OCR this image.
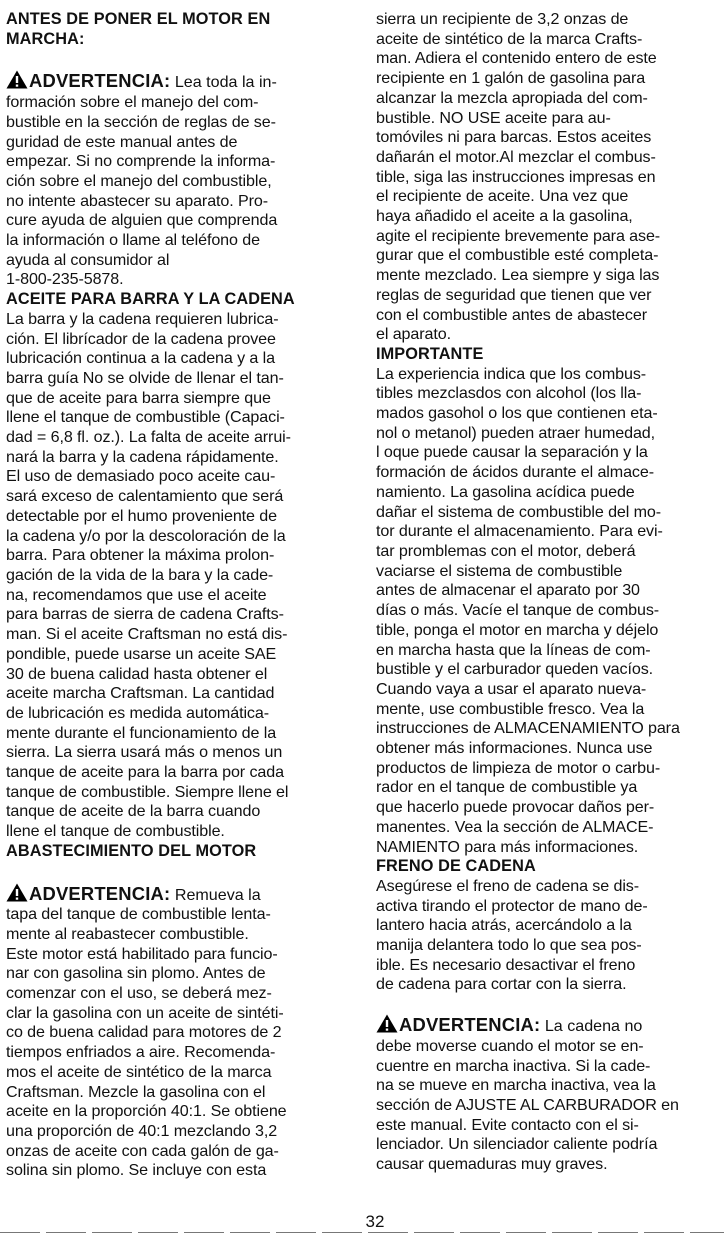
ANTES DE PONER EL MOTOR EN
MARCHA:

ADVERTENCIA: Lea toda la in-

formación sobre el manejo del com-
bustible en la sección de reglas de se-
guridad de este manual antes de
empezar. Si no comprende la informa-
ción sobre el manejo del combustible,
no intente abastecer su aparato. Pro-
cure ayuda de alguien que comprenda
la información o llame al teléfono de
ayuda al consumidor al
1-800-235-5878.

ACEITE PARA BARRA Y LA CADENA

La barra y la cadena requieren lubrica-
ción. El librícador de la cadena provee
lubricación continua a la cadena y a la
barra guía No se olvide de llenar el tan-
que de aceite para barra siempre que
llene el tanque de combustible (Capaci-
dad = 6,8 fl. oz.). La falta de aceite arrui-
nará la barra y la cadena rápidamente.
El uso de demasiado poco aceite cau-
sará exceso de calentamiento que será
detectable por el humo proveniente de
la cadena y/o por la descoloración de la
barra. Para obtener la máxima prolon-
gación de la vida de la bara y la cade-
na, recomendamos que use el aceite
para barras de sierra de cadena Crafts-
man. Si el aceite Craftsman no está dis-
pondible, puede usarse un aceite SAE
30 de buena calidad hasta obtener el
aceite marcha Craftsman. La cantidad
de lubricación es medida automática-
mente durante el funcionamiento de la
sierra. La sierra usará más o menos un
tanque de aceite para la barra por cada
tanque de combustible. Siempre llene el
tanque de aceite de la barra cuando
llene el tanque de combustible.

ABASTECIMIENTO DEL MOTOR

ADVERTENCIA: Remueva la

tapa del tanque de combustible lenta-
mente al reabastecer combustible.
Este motor está habilitado para funcio-
nar con gasolina sin plomo. Antes de
comenzar con el uso, se deberá mez-
clar la gasolina con un aceite de sintéti-
co de buena calidad para motores de 2
tiempos enfriados a aire. Recomenda-
mos el aceite de sintético de la marca
Craftsman. Mezcle la gasolina con el
aceite en la proporción 40:1. Se obtiene
una proporción de 40:1 mezclando 3,2
onzas de aceite con cada galón de ga-
solina sin plomo. Se incluye con esta

sierra un recipiente de 3,2 onzas de
aceite de sintético de la marca Crafts-
man. Adiera el contenido entero de este
recipiente en 1 galón de gasolina para
alcanzar la mezcla apropiada del com-
bustible. NO USE aceite para au-
tomóviles ni para barcas. Estos aceites
dañarán el motor.Al mezclar el combus-
tible, siga las instrucciones impresas en
el recipiente de aceite. Una vez que
haya añadido el aceite a la gasolina,
agite el recipiente brevemente para ase-
gurar que el combustible esté completa-
mente mezclado. Lea siempre y siga las
reglas de seguridad que tienen que ver
con el combustible antes de abastecer
el aparato.

IMPORTANTE

La experiencia indica que los combus-
tibles mezclasdos con alcohol (los lla-
mados gasohol o los que contienen eta-
nol o metanol) pueden atraer humedad,
l oque puede causar la separación y la
formación de ácidos durante el almace-
namiento. La gasolina acídica puede
dañar el sistema de combustible del mo-
tor durante el almacenamiento. Para evi-
tar promblemas con el motor, deberá
vaciarse el sistema de combustible
antes de almacenar el aparato por 30
días o más. Vacíe el tanque de combus-
tible, ponga el motor en marcha y déjelo
en marcha hasta que la líneas de com-
bustible y el carburador queden vacíos.
Cuando vaya a usar el aparato nueva-
mente, use combustible fresco. Vea la
instrucciones de ALMACENAMIENTO para
obtener más informaciones. Nunca use
productos de limpieza de motor o carbu-
rador en el tanque de combustible ya
que hacerlo puede provocar daños per-
manentes. Vea la sección de ALMACE-
NAMIENTO para más informaciones.

FRENO DE CADENA

Asegúrese el freno de cadena se dis-
activa tirando el protector de mano de-
lantero hacia atrás, acercándolo a la
manija delantera todo lo que sea pos-
ible. Es necesario desactivar el freno
de cadena para cortar con la sierra.

ADVERTENCIA: La cadena no

debe moverse cuando el motor se en-
cuentre en marcha inactiva. Si la cade-
na se mueve en marcha inactiva, vea la
sección de AJUSTE AL CARBURADOR en
este manual. Evite contacto con el si-
lenciador. Un silenciador caliente podría
causar quemaduras muy graves.

32
